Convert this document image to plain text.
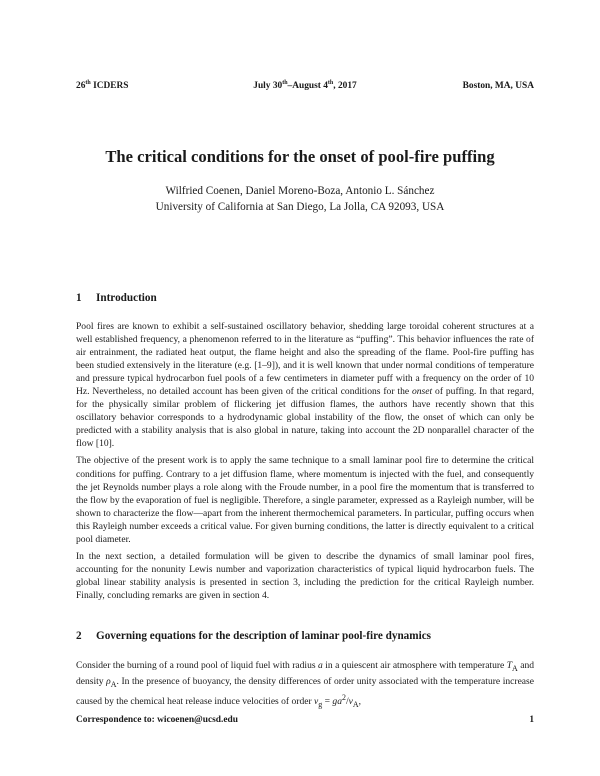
26th ICDERS	July 30th–August 4th, 2017	Boston, MA, USA
The critical conditions for the onset of pool-fire puffing
Wilfried Coenen, Daniel Moreno-Boza, Antonio L. Sánchez
University of California at San Diego, La Jolla, CA 92093, USA
1 Introduction

Pool fires are known to exhibit a self-sustained oscillatory behavior, shedding large toroidal coherent structures at a well established frequency, a phenomenon referred to in the literature as “puffing”. This behavior influences the rate of air entrainment, the radiated heat output, the flame height and also the spreading of the flame. Pool-fire puffing has been studied extensively in the literature (e.g. [1–9]), and it is well known that under normal conditions of temperature and pressure typical hydrocarbon fuel pools of a few centimeters in diameter puff with a frequency on the order of 10 Hz. Nevertheless, no detailed account has been given of the critical conditions for the onset of puffing. In that regard, for the physically similar problem of flickering jet diffusion flames, the authors have recently shown that this oscillatory behavior corresponds to a hydrodynamic global instability of the flow, the onset of which can only be predicted with a stability analysis that is also global in nature, taking into account the 2D nonparallel character of the flow [10].

The objective of the present work is to apply the same technique to a small laminar pool fire to determine the critical conditions for puffing. Contrary to a jet diffusion flame, where momentum is injected with the fuel, and consequently the jet Reynolds number plays a role along with the Froude number, in a pool fire the momentum that is transferred to the flow by the evaporation of fuel is negligible. Therefore, a single parameter, expressed as a Rayleigh number, will be shown to characterize the flow—apart from the inherent thermochemical parameters. In particular, puffing occurs when this Rayleigh number exceeds a critical value. For given burning conditions, the latter is directly equivalent to a critical pool diameter.

In the next section, a detailed formulation will be given to describe the dynamics of small laminar pool fires, accounting for the nonunity Lewis number and vaporization characteristics of typical liquid hydrocarbon fuels. The global linear stability analysis is presented in section 3, including the prediction for the critical Rayleigh number. Finally, concluding remarks are given in section 4.

2 Governing equations for the description of laminar pool-fire dynamics

Consider the burning of a round pool of liquid fuel with radius a in a quiescent air atmosphere with temperature $T_A$ and density $\rho_A$. In the presence of buoyancy, the density differences of order unity associated with the temperature increase caused by the chemical heat release induce velocities of order $v_g = ga^2/\nu_A$,

Correspondence to: wicoenen@ucsd.edu	1
